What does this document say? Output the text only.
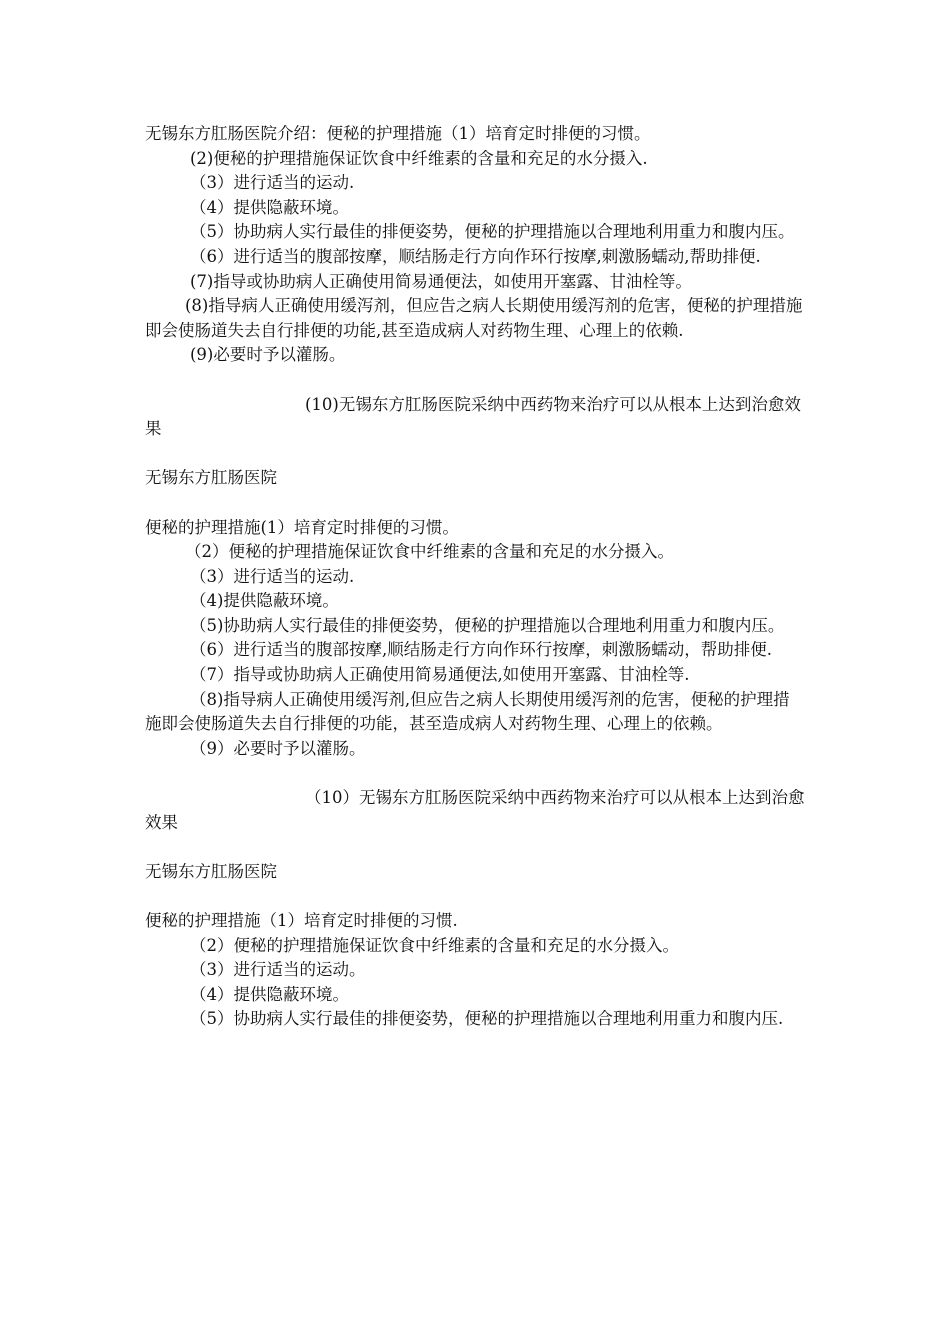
无锡东方肛肠医院介绍：便秘的护理措施（1）培育定时排便的习惯。

(2)便秘的护理措施保证饮食中纤维素的含量和充足的水分摄入.

（3）进行适当的运动.

（4）提供隐蔽环境。

（5）协助病人实行最佳的排便姿势，便秘的护理措施以合理地利用重力和腹内压。

（6）进行适当的腹部按摩，顺结肠走行方向作环行按摩,刺激肠蠕动,帮助排便.

(7)指导或协助病人正确使用简易通便法，如使用开塞露、甘油栓等。

(8)指导病人正确使用缓泻剂，但应告之病人长期使用缓泻剂的危害，便秘的护理措施即会使肠道失去自行排便的功能,甚至造成病人对药物生理、心理上的依赖.

(9)必要时予以灌肠。

(10)无锡东方肛肠医院采纳中西药物来治疗可以从根本上达到治愈效果

无锡东方肛肠医院

便秘的护理措施(1）培育定时排便的习惯。

（2）便秘的护理措施保证饮食中纤维素的含量和充足的水分摄入。

（3）进行适当的运动.

（4)提供隐蔽环境。

（5)协助病人实行最佳的排便姿势，便秘的护理措施以合理地利用重力和腹内压。

（6）进行适当的腹部按摩,顺结肠走行方向作环行按摩，刺激肠蠕动，帮助排便.

（7）指导或协助病人正确使用简易通便法,如使用开塞露、甘油栓等.

（8)指导病人正确使用缓泻剂,但应告之病人长期使用缓泻剂的危害，便秘的护理措施即会使肠道失去自行排便的功能，甚至造成病人对药物生理、心理上的依赖。

（9）必要时予以灌肠。

（10）无锡东方肛肠医院采纳中西药物来治疗可以从根本上达到治愈效果

无锡东方肛肠医院

便秘的护理措施（1）培育定时排便的习惯.

（2）便秘的护理措施保证饮食中纤维素的含量和充足的水分摄入。

（3）进行适当的运动。

（4）提供隐蔽环境。

（5）协助病人实行最佳的排便姿势，便秘的护理措施以合理地利用重力和腹内压.
